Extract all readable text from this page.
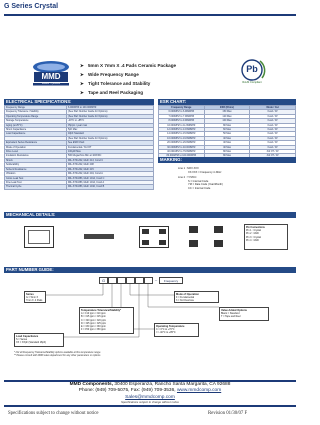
G Series Crystal
MMD
Monitor • Quartzite
➤ 5mm X 7mm X .4 Pads Ceramic Package
➤ Wide Frequency Range
➤ Tight Tolerance and Stability
➤ Tape and Reel Packaging
Pb
RoHS Compliant
ELECTRICAL SPECIFICATIONS:
Frequency Range	6.000MHZ to 100.000MHZ
Frequency Tolerance / Stability	(See Part Number Guide for Options)
Operating Temperature Range	(See Part Number Guide for Options)
Storage Temperature	-40°C to +85°C
Aging (at 25°C)	±5ppm / year max
Shunt Capacitance	5pF Max
Load Capacitance	18pF Standard
	(See Part Number Guide for Options)
Equivalent Series Resistance	See ESR Chart
Mode of Operation	Fundamental / 3rd OT
Drive Level	100µW Max
Insulation Resistance	500 Megaohms Min at 100VDC
Shock	MIL-STD-202, Meth 213, Cond C
Solderability	MIL-STD-202, Meth 208
Solvent Resistance	MIL-STD-202, Meth 215
Vibration	MIL-STD-202, Meth 204, Cond A
Gross Leak Test	MIL-STD-883, Meth 1014, Cond C
Fine Leak Test	MIL-STD-883, Meth 1014, Cond A
Thermal Cycle	MIL-STD-883, Meth 1010, Cond B
ESR CHART:
Frequency Range	ESR (Ohms)	Mode / Cut
6.000MHZ to 6.999MHZ	150 Max	Fund / AT
7.000MHZ to 7.999MHZ	120 Max	Fund / AT
8.000MHZ to 9.999MHZ	100 Max	Fund / AT
10.000MHZ to 11.999MHZ	80 Max	Fund / AT
12.000MHZ to 13.999MHZ	60 Max	Fund / AT
14.000MHZ to 15.999MHZ	50 Max	Fund / AT
16.000MHZ to 19.999MHZ	40 Max	Fund / AT
20.000MHZ to 29.999MHZ	40 Max	Fund / AT
30.000MHZ to 40.000MHZ	40 Max	Fund / AT
40.001MHZ to 79.999MHZ	80 Max	3rd OT / AT
80.000MHZ to 100.000MHZ	80 Max	3rd OT / AT
MARKING:
Line 1 : MXX.XXX
XX.XXX = Frequency in MHz
Line 2 : YYMCC
S = Internal Code
YM = Date Code (Year/Month)
CC = Internal Code
MECHANICAL DETAILS:
Pin Connections
Pin 1 : Crystal
Pin 2 : GND
Pin 3 : Crystal
Pin 4 : GND
PART NUMBER GUIDE:
G	– Frequency
Series
G = 5mm X 7mm X .4 Pads
Temperature Tolerance/Stability*
A = ±10 ppm / ±10 ppm
B = ±15 ppm / ±15 ppm
C = ±20 ppm / ±20 ppm
D = ±25 ppm / ±25 ppm
E = ±30 ppm / ±30 ppm
F = ±50 ppm / ±50 ppm
Mode of Operation
F = Fundamental
3 = 3rd Overtone
Operating Temperature
C = 0°C to +70°C
I = -40°C to +85°C
Load Capacitance
S = Series
XX = XXpF (Standard 18pF)
Value Added Options
Blank = Standard
T = Tape and Reel
* Not all Frequency Tolerance/Stability options available at this temperature range.
** Please consult with MMD sales department for any other parameters or options.
MMD Components, 30400 Esperanza, Rancho Santa Margarita, CA 92688
Phone: (949) 709-5075, Fax: (949) 709-3536, www.mmdcomp.com
Sales@mmdcomp.com
Specifications subject to change without notice
Specifications subject to change without notice	Revision 01/30/07 F
